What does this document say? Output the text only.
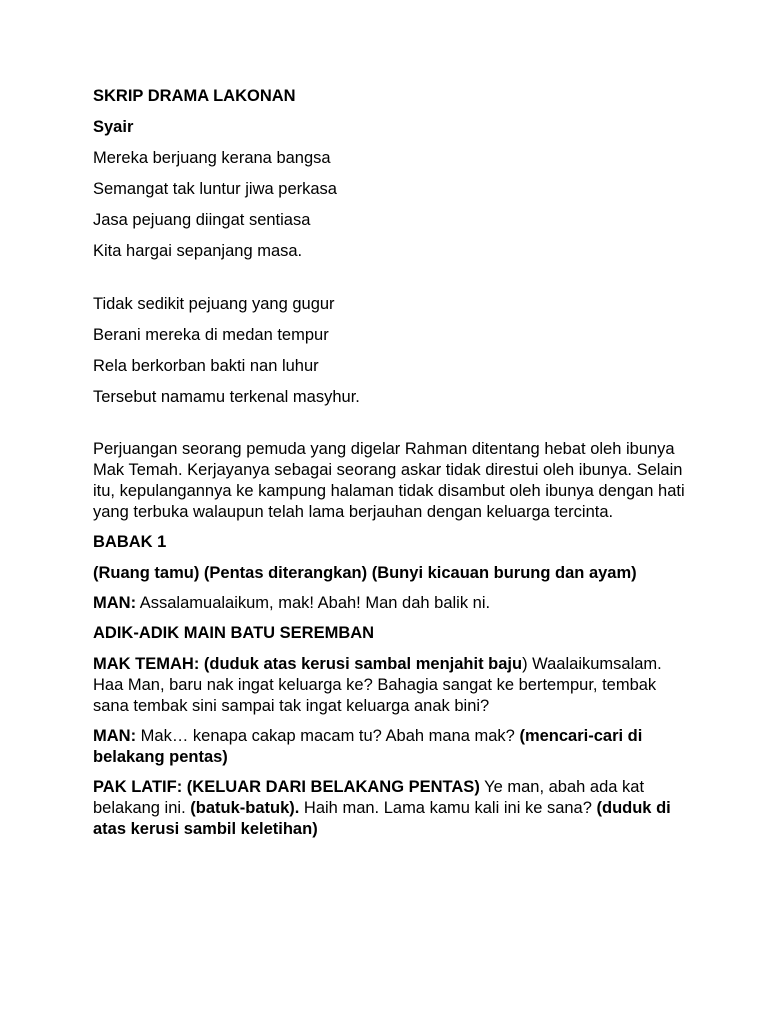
SKRIP DRAMA LAKONAN
Syair
Mereka berjuang kerana bangsa
Semangat tak luntur jiwa perkasa
Jasa pejuang diingat sentiasa
Kita hargai sepanjang masa.
Tidak sedikit pejuang yang gugur
Berani mereka di medan tempur
Rela berkorban bakti nan luhur
Tersebut namamu terkenal masyhur.
Perjuangan seorang pemuda yang digelar Rahman ditentang hebat oleh ibunya Mak Temah. Kerjayanya sebagai seorang askar tidak direstui oleh ibunya. Selain itu, kepulangannya ke kampung halaman tidak disambut oleh ibunya dengan hati yang terbuka walaupun telah lama berjauhan dengan keluarga tercinta.
BABAK 1
(Ruang tamu) (Pentas diterangkan) (Bunyi kicauan burung dan ayam)
MAN: Assalamualaikum, mak! Abah! Man dah balik ni.
ADIK-ADIK MAIN BATU SEREMBAN
MAK TEMAH: (duduk atas kerusi sambal menjahit baju) Waalaikumsalam. Haa Man, baru nak ingat keluarga ke? Bahagia sangat ke bertempur, tembak sana tembak sini sampai tak ingat keluarga anak bini?
MAN: Mak… kenapa cakap macam tu? Abah mana mak? (mencari-cari di belakang pentas)
PAK LATIF: (KELUAR DARI BELAKANG PENTAS) Ye man, abah ada kat belakang ini. (batuk-batuk). Haih man. Lama kamu kali ini ke sana? (duduk di atas kerusi sambil keletihan)
